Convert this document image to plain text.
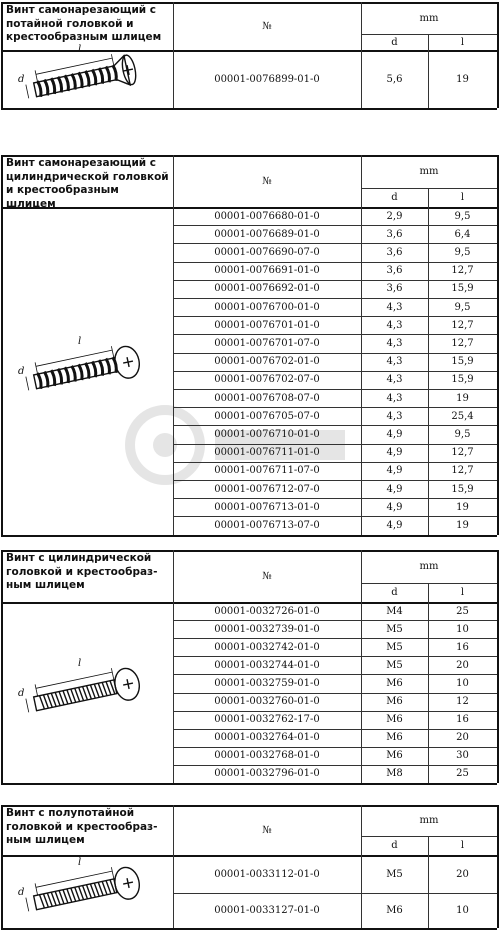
Винт самонарезающий с потайной головкой и крестообразным шлицем
№
mm
d	l
00001-0076899-01-0	5,6	19
l
d
Винт самонарезающий с цилиндрической головкой и крестообразным шлицем
№
mm
d	l
00001-0076680-01-0	2,9	9,5
00001-0076689-01-0	3,6	6,4
00001-0076690-07-0	3,6	9,5
00001-0076691-01-0	3,6	12,7
00001-0076692-01-0	3,6	15,9
00001-0076700-01-0	4,3	9,5
00001-0076701-01-0	4,3	12,7
00001-0076701-07-0	4,3	12,7
00001-0076702-01-0	4,3	15,9
00001-0076702-07-0	4,3	15,9
00001-0076708-07-0	4,3	19
00001-0076705-07-0	4,3	25,4
00001-0076710-01-0	4,9	9,5
00001-0076711-01-0	4,9	12,7
00001-0076711-07-0	4,9	12,7
00001-0076712-07-0	4,9	15,9
00001-0076713-01-0	4,9	19
00001-0076713-07-0	4,9	19
l
d
Винт с цилиндрической головкой и крестообраз-ным шлицем
№
mm
d	l
00001-0032726-01-0	M4	25
00001-0032739-01-0	M5	10
00001-0032742-01-0	M5	16
00001-0032744-01-0	M5	20
00001-0032759-01-0	M6	10
00001-0032760-01-0	M6	12
00001-0032762-17-0	M6	16
00001-0032764-01-0	M6	20
00001-0032768-01-0	M6	30
00001-0032796-01-0	M8	25
l
d
Винт с полупотайной головкой и крестообраз-ным шлицем
№
mm
d	l
00001-0033112-01-0	M5	20
00001-0033127-01-0	M6	10
l
d
